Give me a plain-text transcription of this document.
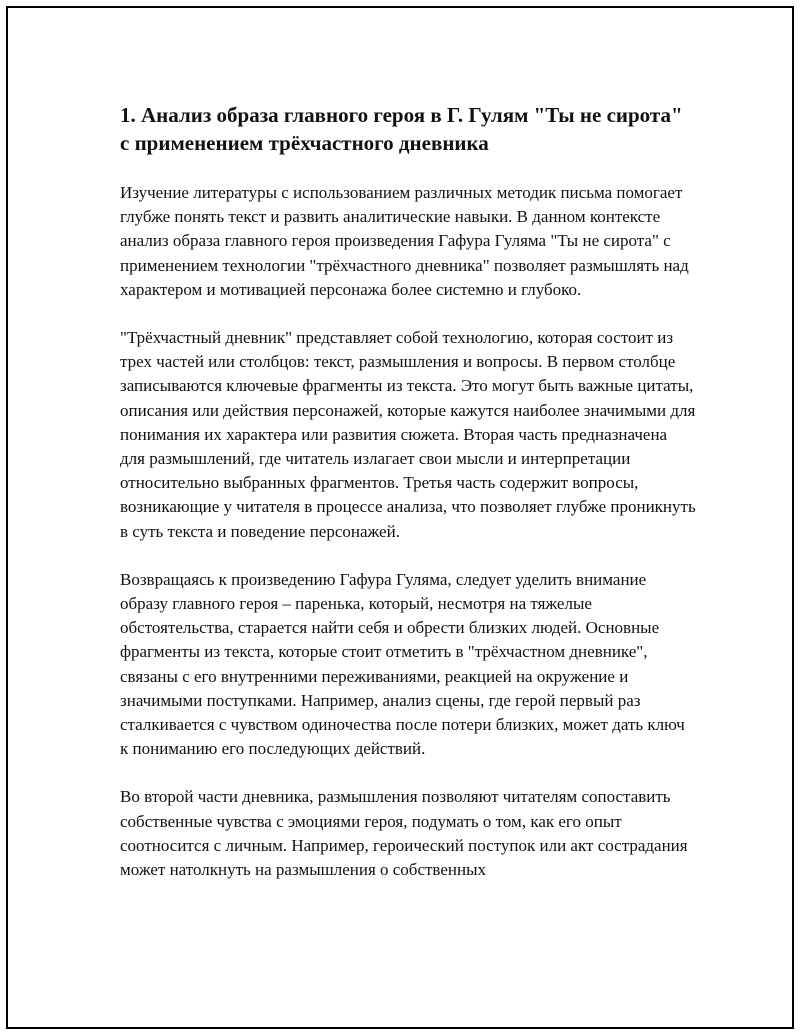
1. Анализ образа главного героя в Г. Гулям "Ты не сирота" с применением трёхчастного дневника

Изучение литературы с использованием различных методик письма помогает глубже понять текст и развить аналитические навыки. В данном контексте анализ образа главного героя произведения Гафура Гуляма "Ты не сирота" с применением технологии "трёхчастного дневника" позволяет размышлять над характером и мотивацией персонажа более системно и глубоко.

"Трёхчастный дневник" представляет собой технологию, которая состоит из трех частей или столбцов: текст, размышления и вопросы. В первом столбце записываются ключевые фрагменты из текста. Это могут быть важные цитаты, описания или действия персонажей, которые кажутся наиболее значимыми для понимания их характера или развития сюжета. Вторая часть предназначена для размышлений, где читатель излагает свои мысли и интерпретации относительно выбранных фрагментов. Третья часть содержит вопросы, возникающие у читателя в процессе анализа, что позволяет глубже проникнуть в суть текста и поведение персонажей.

Возвращаясь к произведению Гафура Гуляма, следует уделить внимание образу главного героя – паренька, который, несмотря на тяжелые обстоятельства, старается найти себя и обрести близких людей. Основные фрагменты из текста, которые стоит отметить в "трёхчастном дневнике", связаны с его внутренними переживаниями, реакцией на окружение и значимыми поступками. Например, анализ сцены, где герой первый раз сталкивается с чувством одиночества после потери близких, может дать ключ к пониманию его последующих действий.

Во второй части дневника, размышления позволяют читателям сопоставить собственные чувства с эмоциями героя, подумать о том, как его опыт соотносится с личным. Например, героический поступок или акт сострадания может натолкнуть на размышления о собственных
